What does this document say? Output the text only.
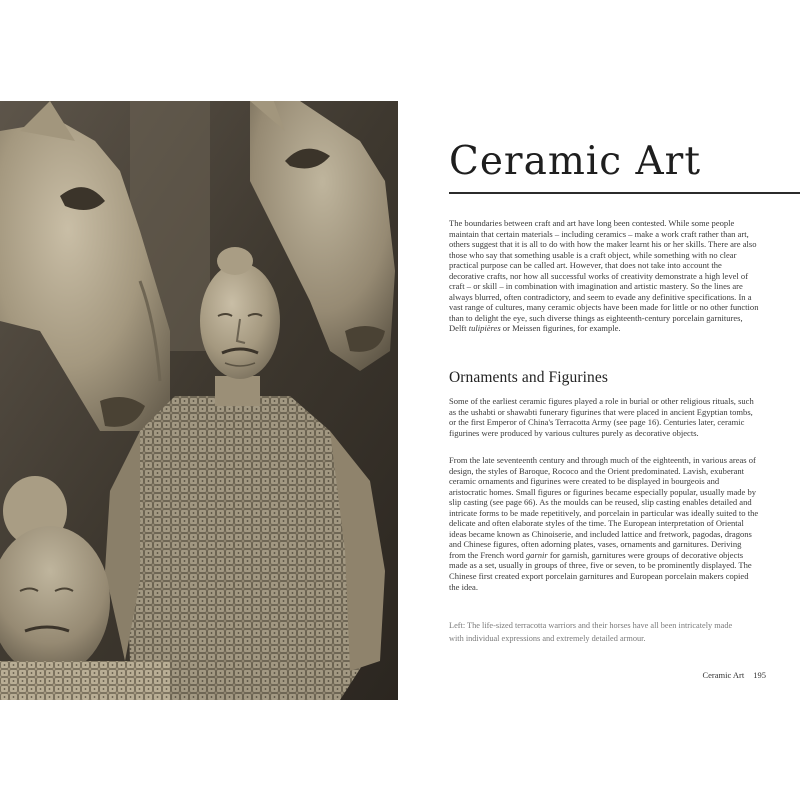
Ceramic Art

The boundaries between craft and art have long been contested. While some people maintain that certain materials – including ceramics – make a work craft rather than art, others suggest that it is all to do with how the maker learnt his or her skills. There are also those who say that something usable is a craft object, while something with no clear practical purpose can be called art. However, that does not take into account the decorative crafts, nor how all successful works of creativity demonstrate a high level of craft – or skill – in combination with imagination and artistic mastery. So the lines are always blurred, often contradictory, and seem to evade any definitive specifications. In a vast range of cultures, many ceramic objects have been made for little or no other function than to delight the eye, such diverse things as eighteenth-century porcelain garnitures, Delft tulipières or Meissen figurines, for example.

Ornaments and Figurines

Some of the earliest ceramic figures played a role in burial or other religious rituals, such as the ushabti or shawabti funerary figurines that were placed in ancient Egyptian tombs, or the first Emperor of China's Terracotta Army (see page 16). Centuries later, ceramic figurines were produced by various cultures purely as decorative objects.

From the late seventeenth century and through much of the eighteenth, in various areas of design, the styles of Baroque, Rococo and the Orient predominated. Lavish, exuberant ceramic ornaments and figurines were created to be displayed in bourgeois and aristocratic homes. Small figures or figurines became especially popular, usually made by slip casting (see page 66). As the moulds can be reused, slip casting enables detailed and intricate forms to be made repetitively, and porcelain in particular was ideally suited to the delicate and often elaborate styles of the time. The European interpretation of Oriental ideas became known as Chinoiserie, and included lattice and fretwork, pagodas, dragons and Chinese figures, often adorning plates, vases, ornaments and garnitures. Deriving from the French word garnir for garnish, garnitures were groups of decorative objects made as a set, usually in groups of three, five or seven, to be prominently displayed. The Chinese first created export porcelain garnitures and European porcelain makers copied the idea.

Left: The life-sized terracotta warriors and their horses have all been intricately made with individual expressions and extremely detailed armour.

Ceramic Art 195
